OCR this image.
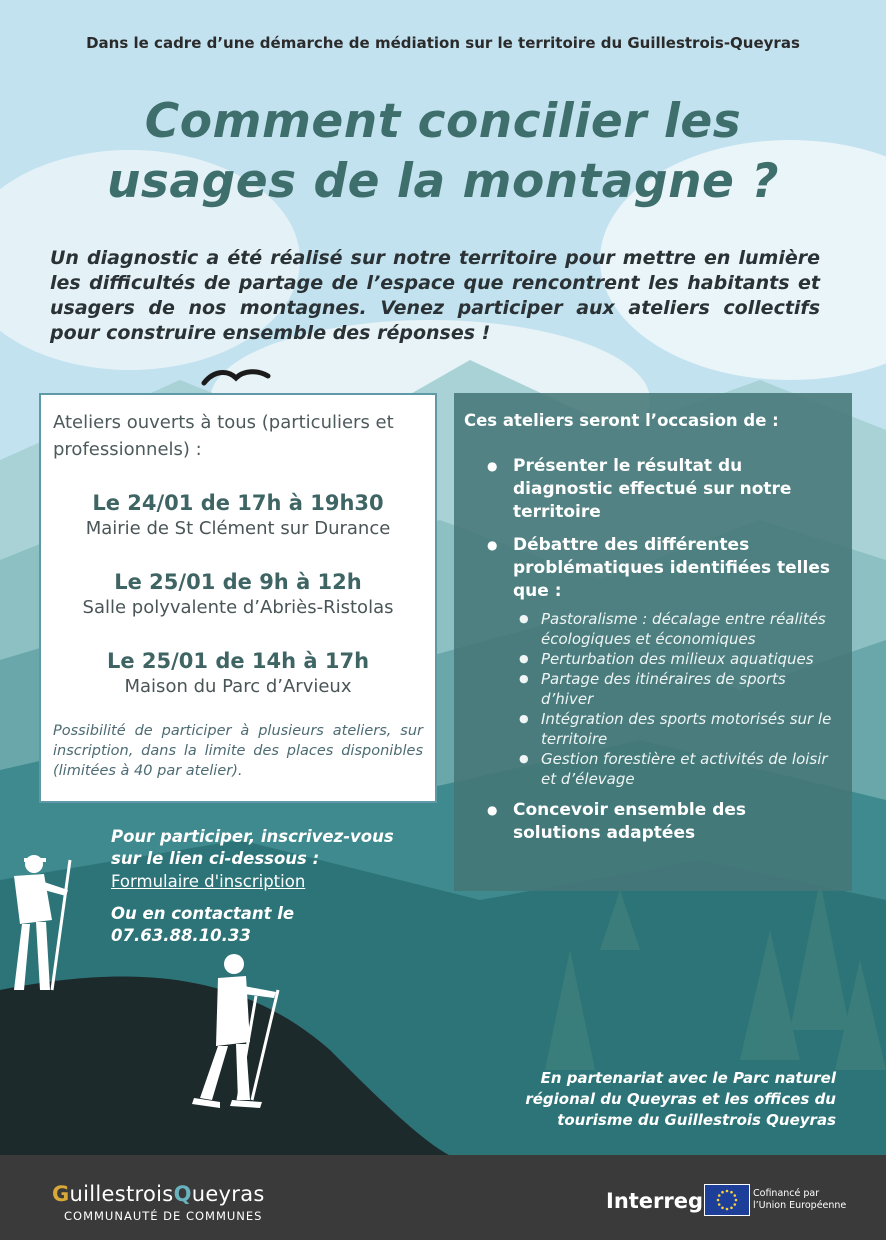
Dans le cadre d’une démarche de médiation sur le territoire du Guillestrois-Queyras
Comment concilier les
usages de la montagne ?
Un diagnostic a été réalisé sur notre territoire pour mettre en lumière les difficultés de partage de l’espace que rencontrent les habitants et usagers de nos montagnes. Venez participer aux ateliers collectifs pour construire ensemble des réponses !
Ateliers ouverts à tous (particuliers et professionnels) :
Le 24/01 de 17h à 19h30
Mairie de St Clément sur Durance
Le 25/01 de 9h à 12h
Salle polyvalente d’Abriès-Ristolas
Le 25/01 de 14h à 17h
Maison du Parc d’Arvieux
Possibilité de participer à plusieurs ateliers, sur inscription, dans la limite des places disponibles (limitées à 40 par atelier).
Ces ateliers seront l’occasion de :
● Présenter le résultat du diagnostic effectué sur notre territoire
● Débattre des différentes problématiques identifiées telles que :
● Pastoralisme : décalage entre réalités écologiques et économiques
● Perturbation des milieux aquatiques
● Partage des itinéraires de sports d’hiver
● Intégration des sports motorisés sur le territoire
● Gestion forestière et activités de loisir et d’élevage
● Concevoir ensemble des solutions adaptées
Pour participer, inscrivez-vous sur le lien ci-dessous :
Formulaire d'inscription
Ou en contactant le 07.63.88.10.33
En partenariat avec le Parc naturel régional du Queyras et les offices du tourisme du Guillestrois Queyras
GuillestroisQueyras
COMMUNAUTÉ DE COMMUNES
Interreg	Cofinancé par
l’Union Européenne
